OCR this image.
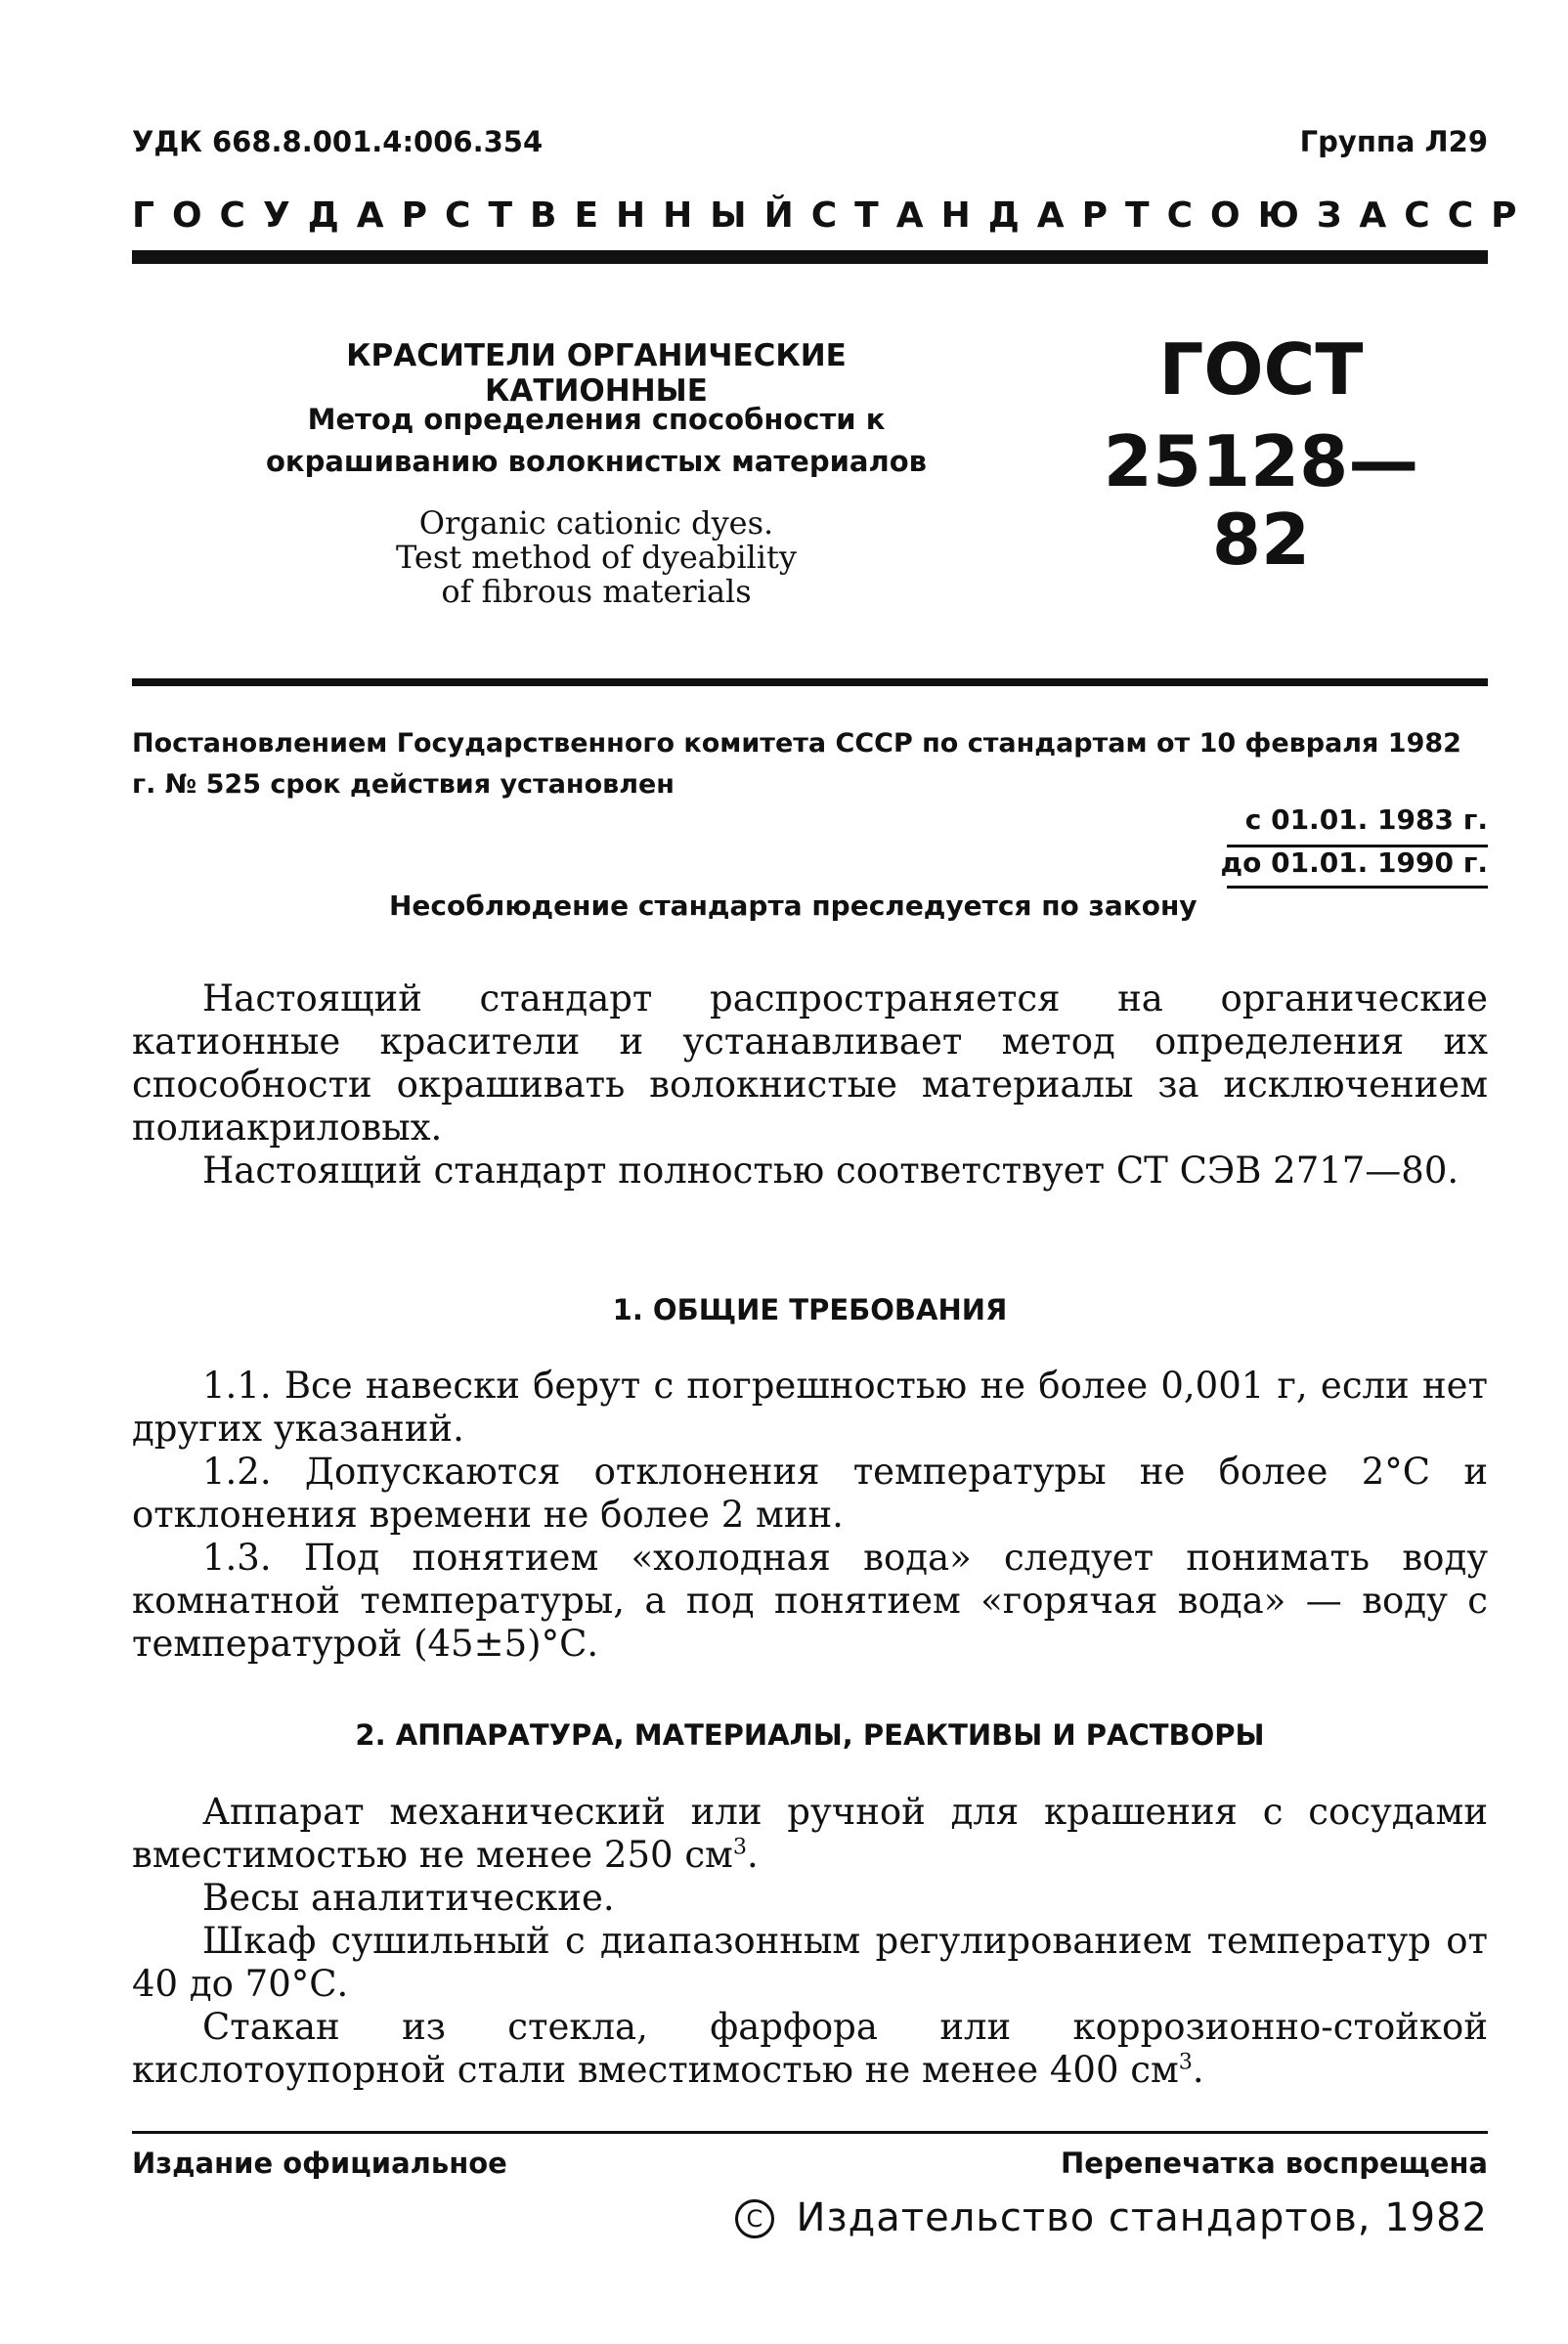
УДК 668.8.001.4:006.354	Группа Л29
ГОСУДАРСТВЕННЫЙ СТАНДАРТ СОЮЗА ССР
КРАСИТЕЛИ ОРГАНИЧЕСКИЕ КАТИОННЫЕ
Метод определения способности к
окрашиванию волокнистых материалов
Organic cationic dyes.
Test method of dyeability
of fibrous materials
ГОСТ
25128—82
Постановлением Государственного комитета СССР по стандартам от 10 февраля 1982 г. № 525 срок действия установлен
с 01.01. 1983 г.
до 01.01. 1990 г.
Несоблюдение стандарта преследуется по закону

Настоящий стандарт распространяется на органические катионные красители и устанавливает метод определения их способности окрашивать волокнистые материалы за исключением полиакриловых.

Настоящий стандарт полностью соответствует СТ СЭВ 2717—80.

1. ОБЩИЕ ТРЕБОВАНИЯ

1.1. Все навески берут с погрешностью не более 0,001 г, если нет других указаний.

1.2. Допускаются отклонения температуры не более 2°С и отклонения времени не более 2 мин.

1.3. Под понятием «холодная вода» следует понимать воду комнатной температуры, а под понятием «горячая вода» — воду с температурой (45±5)°С.

2. АППАРАТУРА, МАТЕРИАЛЫ, РЕАКТИВЫ И РАСТВОРЫ

Аппарат механический или ручной для крашения с сосудами вместимостью не менее 250 $см^3$.

Весы аналитические.

Шкаф сушильный с диапазонным регулированием температур от 40 до 70°С.

Стакан из стекла, фарфора или коррозионно-стойкой кислотоупорной стали вместимостью не менее 400 $см^3$.

Издание официальное	Перепечатка воспрещена
С Издательство стандартов, 1982
